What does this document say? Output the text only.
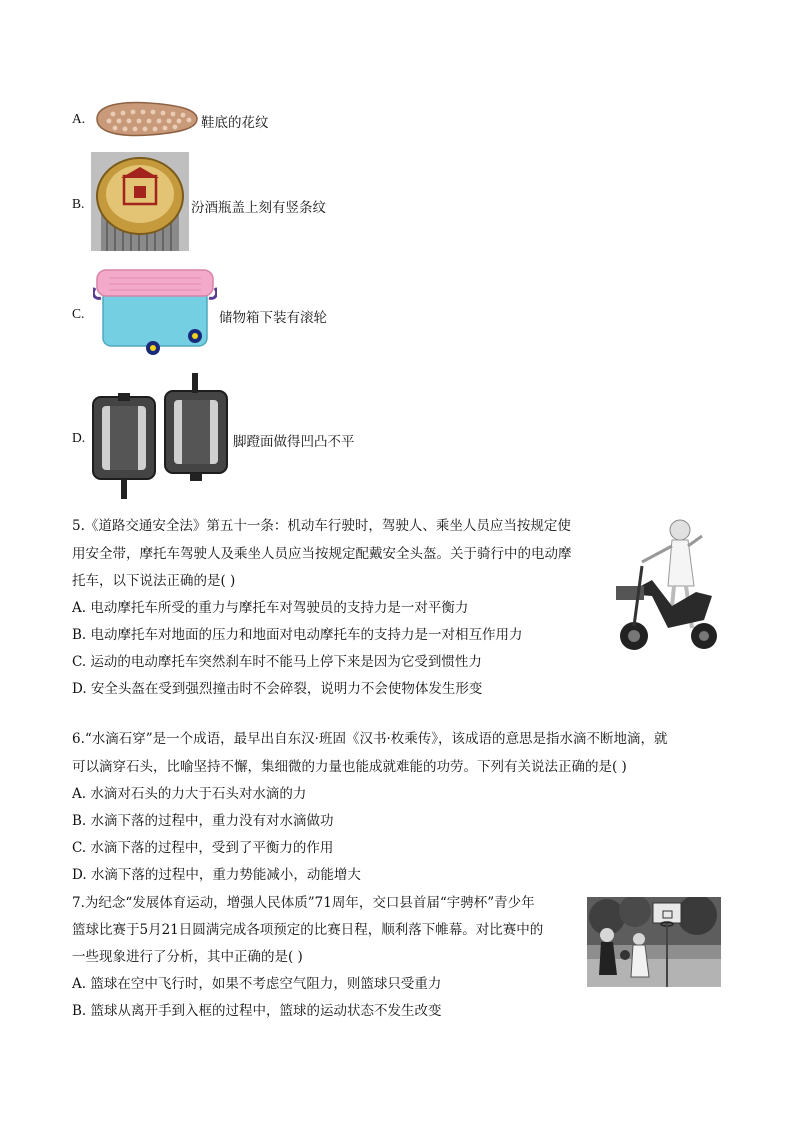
A.	鞋底的花纹
B.	汾酒瓶盖上刻有竖条纹
C.	储物箱下装有滚轮
D.	脚蹬面做得凹凸不平
5.《道路交通安全法》第五十一条：机动车行驶时，驾驶人、乘坐人员应当按规定使
用安全带，摩托车驾驶人及乘坐人员应当按规定配戴安全头盔。关于骑行中的电动摩
托车，以下说法正确的是( )
A. 电动摩托车所受的重力与摩托车对驾驶员的支持力是一对平衡力
B. 电动摩托车对地面的压力和地面对电动摩托车的支持力是一对相互作用力
C. 运动的电动摩托车突然刹车时不能马上停下来是因为它受到惯性力
D. 安全头盔在受到强烈撞击时不会碎裂，说明力不会使物体发生形变
6.“水滴石穿”是一个成语，最早出自东汉·班固《汉书·枚乘传》，该成语的意思是指水滴不断地滴，就
可以滴穿石头，比喻坚持不懈，集细微的力量也能成就难能的功劳。下列有关说法正确的是( )
A. 水滴对石头的力大于石头对水滴的力
B. 水滴下落的过程中，重力没有对水滴做功
C. 水滴下落的过程中，受到了平衡力的作用
D. 水滴下落的过程中，重力势能减小，动能增大
7.为纪念“发展体育运动，增强人民体质”71周年，交口县首届“宇骋杯”青少年
篮球比赛于5月21日圆满完成各项预定的比赛日程，顺利落下帷幕。对比赛中的
一些现象进行了分析，其中正确的是( )
A. 篮球在空中飞行时，如果不考虑空气阻力，则篮球只受重力
B. 篮球从离开手到入框的过程中，篮球的运动状态不发生改变
